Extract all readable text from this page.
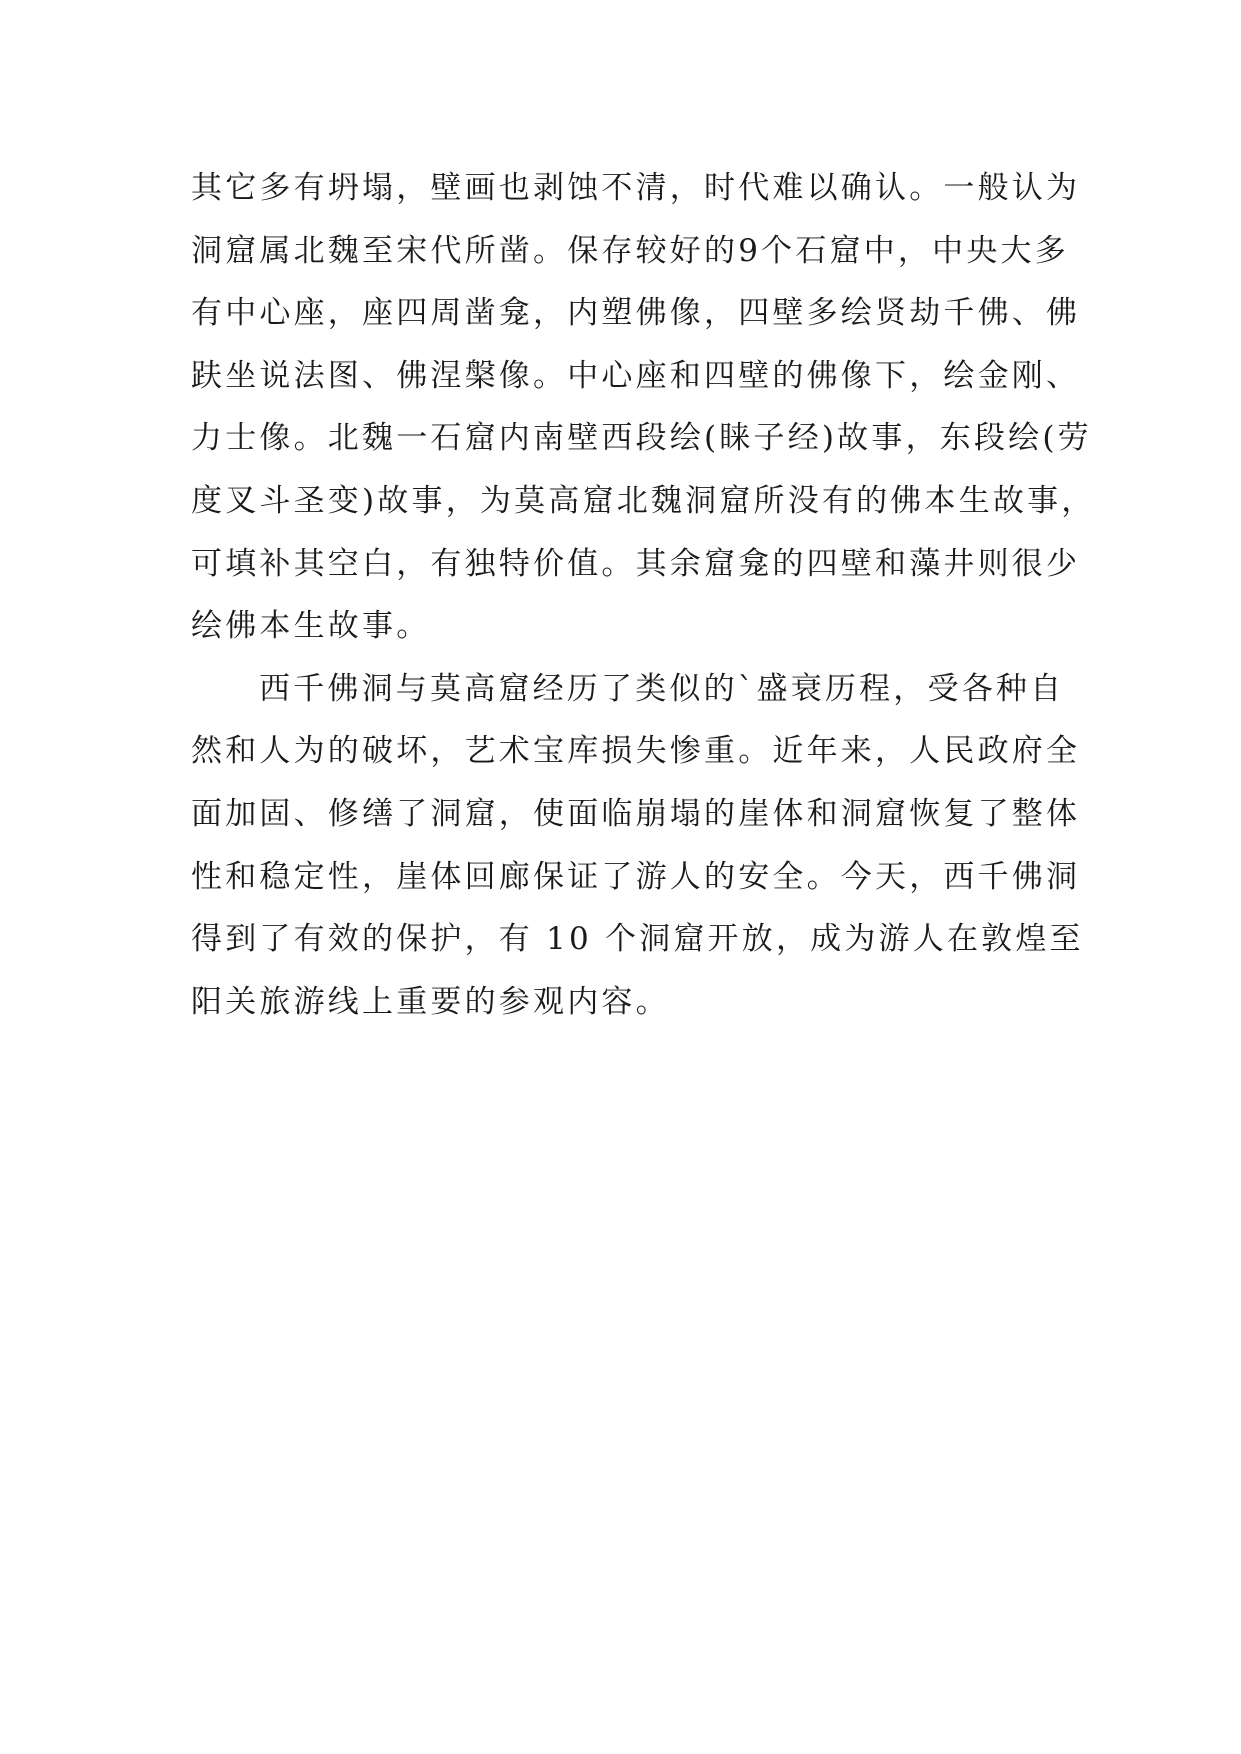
其它多有坍塌，壁画也剥蚀不清，时代难以确认。一般认为
洞窟属北魏至宋代所凿。保存较好的9个石窟中，中央大多
有中心座，座四周凿龛，内塑佛像，四壁多绘贤劫千佛、佛
趺坐说法图、佛涅槃像。中心座和四壁的佛像下，绘金刚、
力士像。北魏一石窟内南壁西段绘(睐子经)故事，东段绘(劳
度叉斗圣变)故事，为莫高窟北魏洞窟所没有的佛本生故事，
可填补其空白，有独特价值。其余窟龛的四壁和藻井则很少
绘佛本生故事。
西千佛洞与莫高窟经历了类似的`盛衰历程，受各种自
然和人为的破坏，艺术宝库损失惨重。近年来，人民政府全
面加固、修缮了洞窟，使面临崩塌的崖体和洞窟恢复了整体
性和稳定性，崖体回廊保证了游人的安全。今天，西千佛洞
得到了有效的保护，有 10 个洞窟开放，成为游人在敦煌至
阳关旅游线上重要的参观内容。
